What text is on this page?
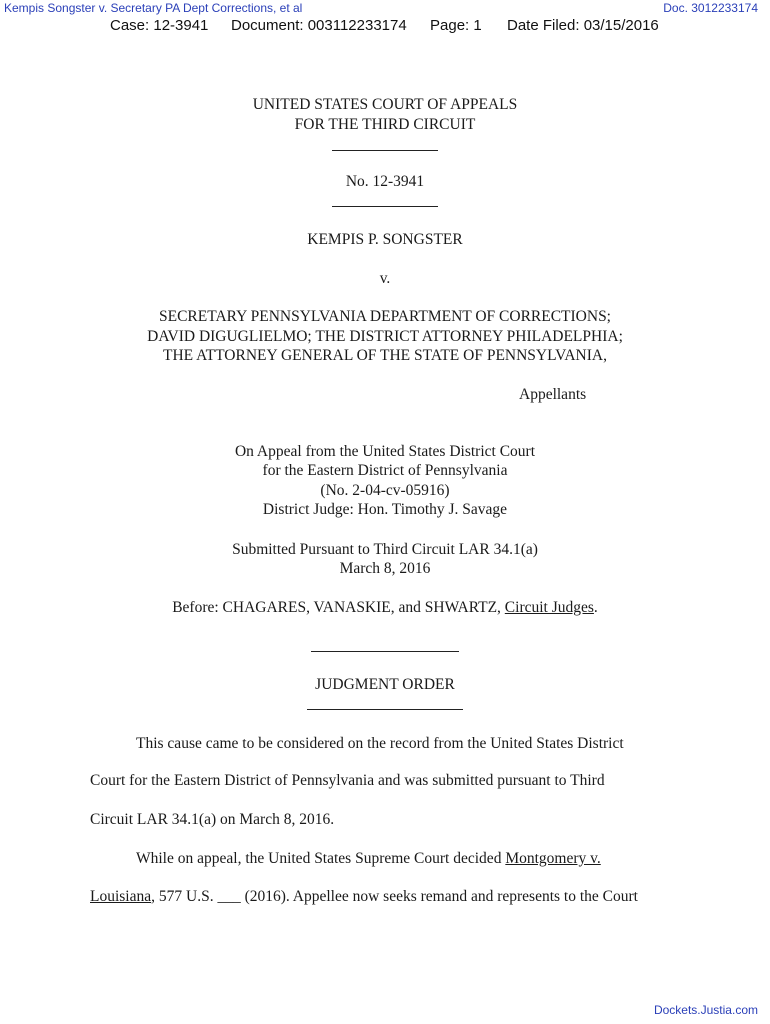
Kempis Songster v. Secretary PA Dept Corrections, et al	Doc. 3012233174
Case: 12-3941 Document: 003112233174 Page: 1 Date Filed: 03/15/2016
UNITED STATES COURT OF APPEALS
FOR THE THIRD CIRCUIT
No. 12-3941
KEMPIS P. SONGSTER
v.
SECRETARY PENNSYLVANIA DEPARTMENT OF CORRECTIONS;
DAVID DIGUGLIELMO; THE DISTRICT ATTORNEY PHILADELPHIA;
THE ATTORNEY GENERAL OF THE STATE OF PENNSYLVANIA,
Appellants
On Appeal from the United States District Court
for the Eastern District of Pennsylvania
(No. 2-04-cv-05916)
District Judge: Hon. Timothy J. Savage
Submitted Pursuant to Third Circuit LAR 34.1(a)
March 8, 2016
Before: CHAGARES, VANASKIE, and SHWARTZ, Circuit Judges.
JUDGMENT ORDER
This cause came to be considered on the record from the United States District
Court for the Eastern District of Pennsylvania and was submitted pursuant to Third
Circuit LAR 34.1(a) on March 8, 2016.
While on appeal, the United States Supreme Court decided Montgomery v.
Louisiana, 577 U.S. ___ (2016). Appellee now seeks remand and represents to the Court
Dockets.Justia.com
